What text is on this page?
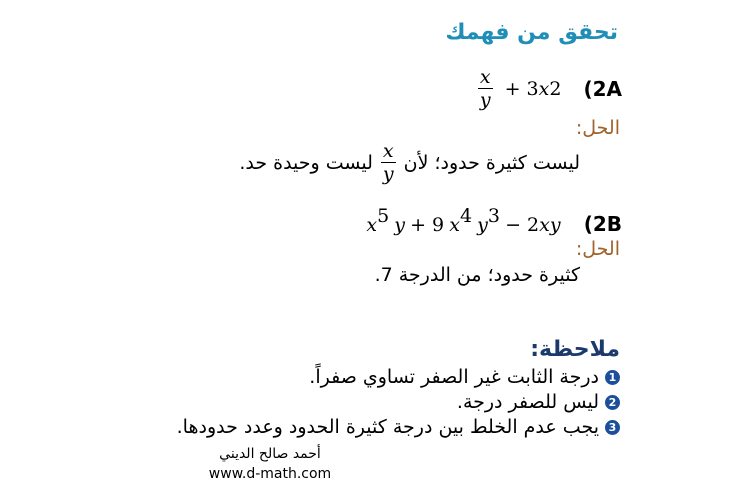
تحقق من فهمك
$\frac{x}{y} + 3$ x 2 (2A
الحل:
ليست كثيرة حدود؛ لأن
$\frac{x}{y}$
ليست وحيدة حد.
$x^5$ y + 9 $x^4$ $y^3 - 2xy$ (2B
الحل:
كثيرة حدود؛ من الدرجة 7.
ملاحظة:
1درجة الثابت غير الصفر تساوي صفراً.
2ليس للصفر درجة.
3يجب عدم الخلط بين درجة كثيرة الحدود وعدد حدودها.
أحمد صالح الديني
www.d-math.com
